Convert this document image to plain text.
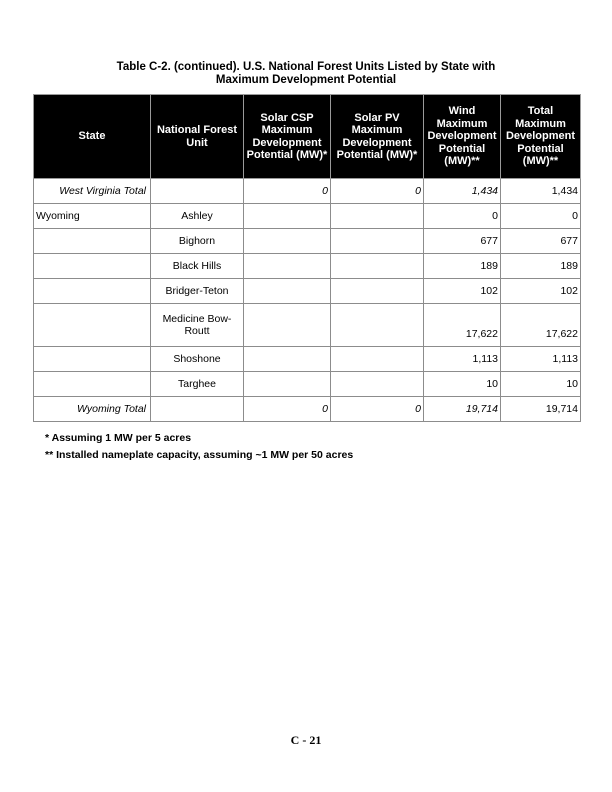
Table C-2. (continued). U.S. National Forest Units Listed by State with
Maximum Development Potential
State	National Forest Unit	Solar CSP Maximum Development Potential (MW)*	Solar PV Maximum Development Potential (MW)*	Wind Maximum Development Potential (MW)**	Total Maximum Development Potential (MW)**
West Virginia Total		0	0	1,434	1,434
Wyoming	Ashley			0	0
	Bighorn			677	677
	Black Hills			189	189
	Bridger-Teton			102	102
	Medicine Bow-Routt			17,622	17,622
	Shoshone			1,113	1,113
	Targhee			10	10
Wyoming Total		0	0	19,714	19,714
* Assuming 1 MW per 5 acres
** Installed nameplate capacity, assuming ~1 MW per 50 acres
C - 21
